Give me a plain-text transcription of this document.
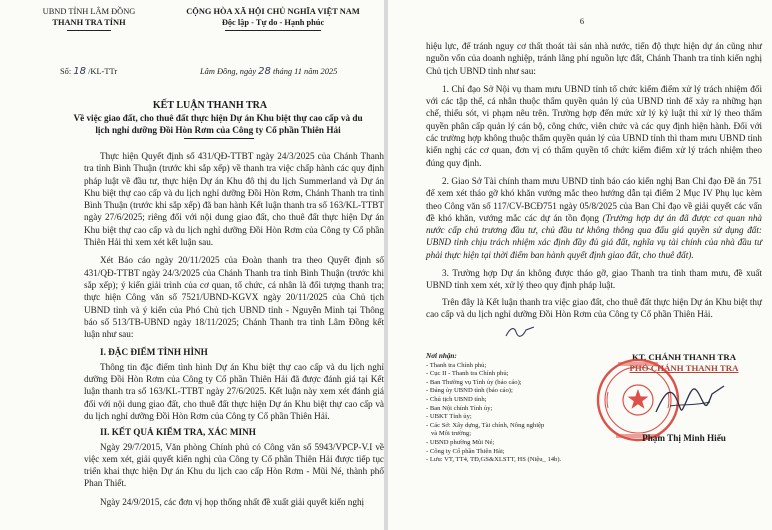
UBND TỈNH LÂM ĐỒNG
THANH TRA TỈNH
CỘNG HÒA XÃ HỘI CHỦ NGHĨA VIỆT NAM
Độc lập - Tự do - Hạnh phúc
Số: 18 /KL-TTr	Lâm Đồng, ngày 28 tháng 11 năm 2025
KẾT LUẬN THANH TRA
Về việc giao đất, cho thuê đất thực hiện Dự án Khu biệt thự cao cấp và du lịch nghỉ dưỡng Đồi Hòn Rơm của Công ty Cổ phần Thiên Hải

Thực hiện Quyết định số 431/QĐ-TTBT ngày 24/3/2025 của Chánh Thanh tra tỉnh Bình Thuận (trước khi sắp xếp) về thanh tra việc chấp hành các quy định pháp luật về đầu tư, thực hiện Dự án Khu đô thị du lịch Summerland và Dự án Khu biệt thự cao cấp và du lịch nghỉ dưỡng Đồi Hòn Rơm, Chánh Thanh tra tỉnh Bình Thuận (trước khi sắp xếp) đã ban hành Kết luận thanh tra số 163/KL-TTBT ngày 27/6/2025; riêng đối với nội dung giao đất, cho thuê đất thực hiện Dự án Khu biệt thự cao cấp và du lịch nghỉ dưỡng Đồi Hòn Rơm của Công ty Cổ phần Thiên Hải thì xem xét kết luận sau.

Xét Báo cáo ngày 20/11/2025 của Đoàn thanh tra theo Quyết định số 431/QĐ-TTBT ngày 24/3/2025 của Chánh Thanh tra tỉnh Bình Thuận (trước khi sắp xếp); ý kiến giải trình của cơ quan, tổ chức, cá nhân là đối tượng thanh tra; thực hiện Công văn số 7521/UBND-KGVX ngày 20/11/2025 của Chủ tịch UBND tỉnh và ý kiến của Phó Chủ tịch UBND tỉnh - Nguyễn Minh tại Thông báo số 513/TB-UBND ngày 18/11/2025; Chánh Thanh tra tỉnh Lâm Đồng kết luận như sau:

I. ĐẶC ĐIỂM TÌNH HÌNH

Thông tin đặc điểm tình hình Dự án Khu biệt thự cao cấp và du lịch nghỉ dưỡng Đồi Hòn Rơm của Công ty Cổ phần Thiên Hải đã được đánh giá tại Kết luận thanh tra số 163/KL-TTBT ngày 27/6/2025. Kết luận này xem xét đánh giá đối với nội dung giao đất, cho thuê đất thực hiện Dự án Khu biệt thự cao cấp và du lịch nghỉ dưỡng Đồi Hòn Rơm của Công ty Cổ phần Thiên Hải.

II. KẾT QUẢ KIỂM TRA, XÁC MINH

Ngày 29/7/2015, Văn phòng Chính phủ có Công văn số 5943/VPCP-V.I về việc xem xét, giải quyết kiến nghị của Công ty Cổ phần Thiên Hải được tiếp tục triển khai thực hiện Dự án Khu du lịch cao cấp Hòn Rơm - Mũi Né, thành phố Phan Thiết.

Ngày 24/9/2015, các đơn vị họp thống nhất đề xuất giải quyết kiến nghị

6

hiệu lực, để tránh nguy cơ thất thoát tài sản nhà nước, tiến độ thực hiện dự án cũng như nguồn vốn của doanh nghiệp, tránh lãng phí nguồn lực đất, Chánh Thanh tra tỉnh kiến nghị Chủ tịch UBND tỉnh như sau:

1. Chỉ đạo Sở Nội vụ tham mưu UBND tỉnh tổ chức kiểm điểm xử lý trách nhiệm đối với các tập thể, cá nhân thuộc thẩm quyền quản lý của UBND tỉnh để xảy ra những hạn chế, thiếu sót, vi phạm nêu trên. Trường hợp đến mức xử lý kỷ luật thì xử lý theo thẩm quyền phân cấp quản lý cán bộ, công chức, viên chức và các quy định hiện hành. Đối với các trường hợp không thuộc thẩm quyền quản lý của UBND tỉnh thì tham mưu UBND tỉnh kiến nghị các cơ quan, đơn vị có thẩm quyền tổ chức kiểm điểm xử lý trách nhiệm theo đúng quy định.

2. Giao Sở Tài chính tham mưu UBND tỉnh báo cáo kiến nghị Ban Chỉ đạo Đề án 751 để xem xét tháo gỡ khó khăn vướng mắc theo hướng dẫn tại điểm 2 Mục IV Phụ lục kèm theo Công văn số 117/CV-BCĐ751 ngày 05/8/2025 của Ban Chỉ đạo về giải quyết các vấn đề khó khăn, vướng mắc các dự án tồn đọng (Trường hợp dự án đã được cơ quan nhà nước cấp chủ trương đầu tư, chủ đầu tư không thông qua đấu giá quyền sử dụng đất: UBND tỉnh chịu trách nhiệm xác định đầy đủ giá đất, nghĩa vụ tài chính của nhà đầu tư phải thực hiện tại thời điểm ban hành quyết định giao đất, cho thuê đất).

3. Trường hợp Dự án không được tháo gỡ, giao Thanh tra tỉnh tham mưu, đề xuất UBND tỉnh xem xét, xử lý theo quy định pháp luật.

Trên đây là Kết luận thanh tra việc giao đất, cho thuê đất thực hiện Dự án Khu biệt thự cao cấp và du lịch nghỉ dưỡng Đồi Hòn Rơm của Công ty Cổ phần Thiên Hải.

Nơi nhận:
- Thanh tra Chính phủ;
- Cục II - Thanh tra Chính phủ;
- Ban Thường vụ Tỉnh ủy (báo cáo);
- Đảng ủy UBND tỉnh (báo cáo);
- Chủ tịch UBND tỉnh;
- Ban Nội chính Tỉnh ủy;
- UBKT Tỉnh ủy;
- Các Sở: Xây dựng, Tài chính, Nông nghiệp
và Môi trường;
- UBND phường Mũi Né;
- Công ty Cổ phần Thiên Hải;
- Lưu: VT, TT4, TĐ,GS&XLSTT, HS (Niệu_ 14b).
KT. CHÁNH THANH TRA
PHÓ CHÁNH THANH TRA
Phạm Thị Minh Hiếu
